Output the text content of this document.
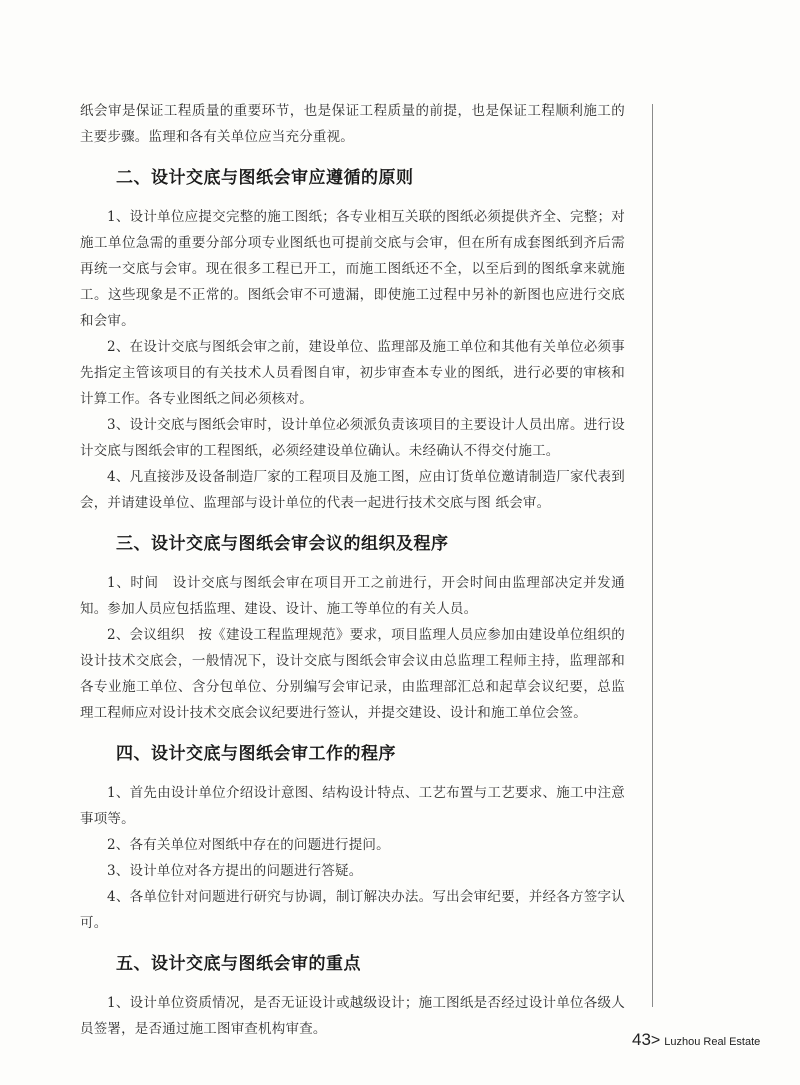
纸会审是保证工程质量的重要环节，也是保证工程质量的前提，也是保证工程顺利施工的主要步骤。监理和各有关单位应当充分重视。

二、设计交底与图纸会审应遵循的原则

1、设计单位应提交完整的施工图纸；各专业相互关联的图纸必须提供齐全、完整；对施工单位急需的重要分部分项专业图纸也可提前交底与会审，但在所有成套图纸到齐后需再统一交底与会审。现在很多工程已开工，而施工图纸还不全，以至后到的图纸拿来就施工。这些现象是不正常的。图纸会审不可遗漏，即使施工过程中另补的新图也应进行交底和会审。

2、在设计交底与图纸会审之前，建设单位、监理部及施工单位和其他有关单位必须事先指定主管该项目的有关技术人员看图自审，初步审查本专业的图纸，进行必要的审核和计算工作。各专业图纸之间必须核对。

3、设计交底与图纸会审时，设计单位必须派负责该项目的主要设计人员出席。进行设计交底与图纸会审的工程图纸，必须经建设单位确认。未经确认不得交付施工。

4、凡直接涉及设备制造厂家的工程项目及施工图，应由订货单位邀请制造厂家代表到会，并请建设单位、监理部与设计单位的代表一起进行技术交底与图 纸会审。

三、设计交底与图纸会审会议的组织及程序

1、时间　设计交底与图纸会审在项目开工之前进行，开会时间由监理部决定并发通知。参加人员应包括监理、建设、设计、施工等单位的有关人员。

2、会议组织　按《建设工程监理规范》要求，项目监理人员应参加由建设单位组织的设计技术交底会，一般情况下，设计交底与图纸会审会议由总监理工程师主持，监理部和各专业施工单位、含分包单位、分别编写会审记录，由监理部汇总和起草会议纪要，总监理工程师应对设计技术交底会议纪要进行签认，并提交建设、设计和施工单位会签。

四、设计交底与图纸会审工作的程序

1、首先由设计单位介绍设计意图、结构设计特点、工艺布置与工艺要求、施工中注意事项等。

2、各有关单位对图纸中存在的问题进行提问。

3、设计单位对各方提出的问题进行答疑。

4、各单位针对问题进行研究与协调，制订解决办法。写出会审纪要，并经各方签字认可。

五、设计交底与图纸会审的重点

1、设计单位资质情况，是否无证设计或越级设计；施工图纸是否经过设计单位各级人员签署，是否通过施工图审查机构审查。

43 > Luzhou Real Estate
